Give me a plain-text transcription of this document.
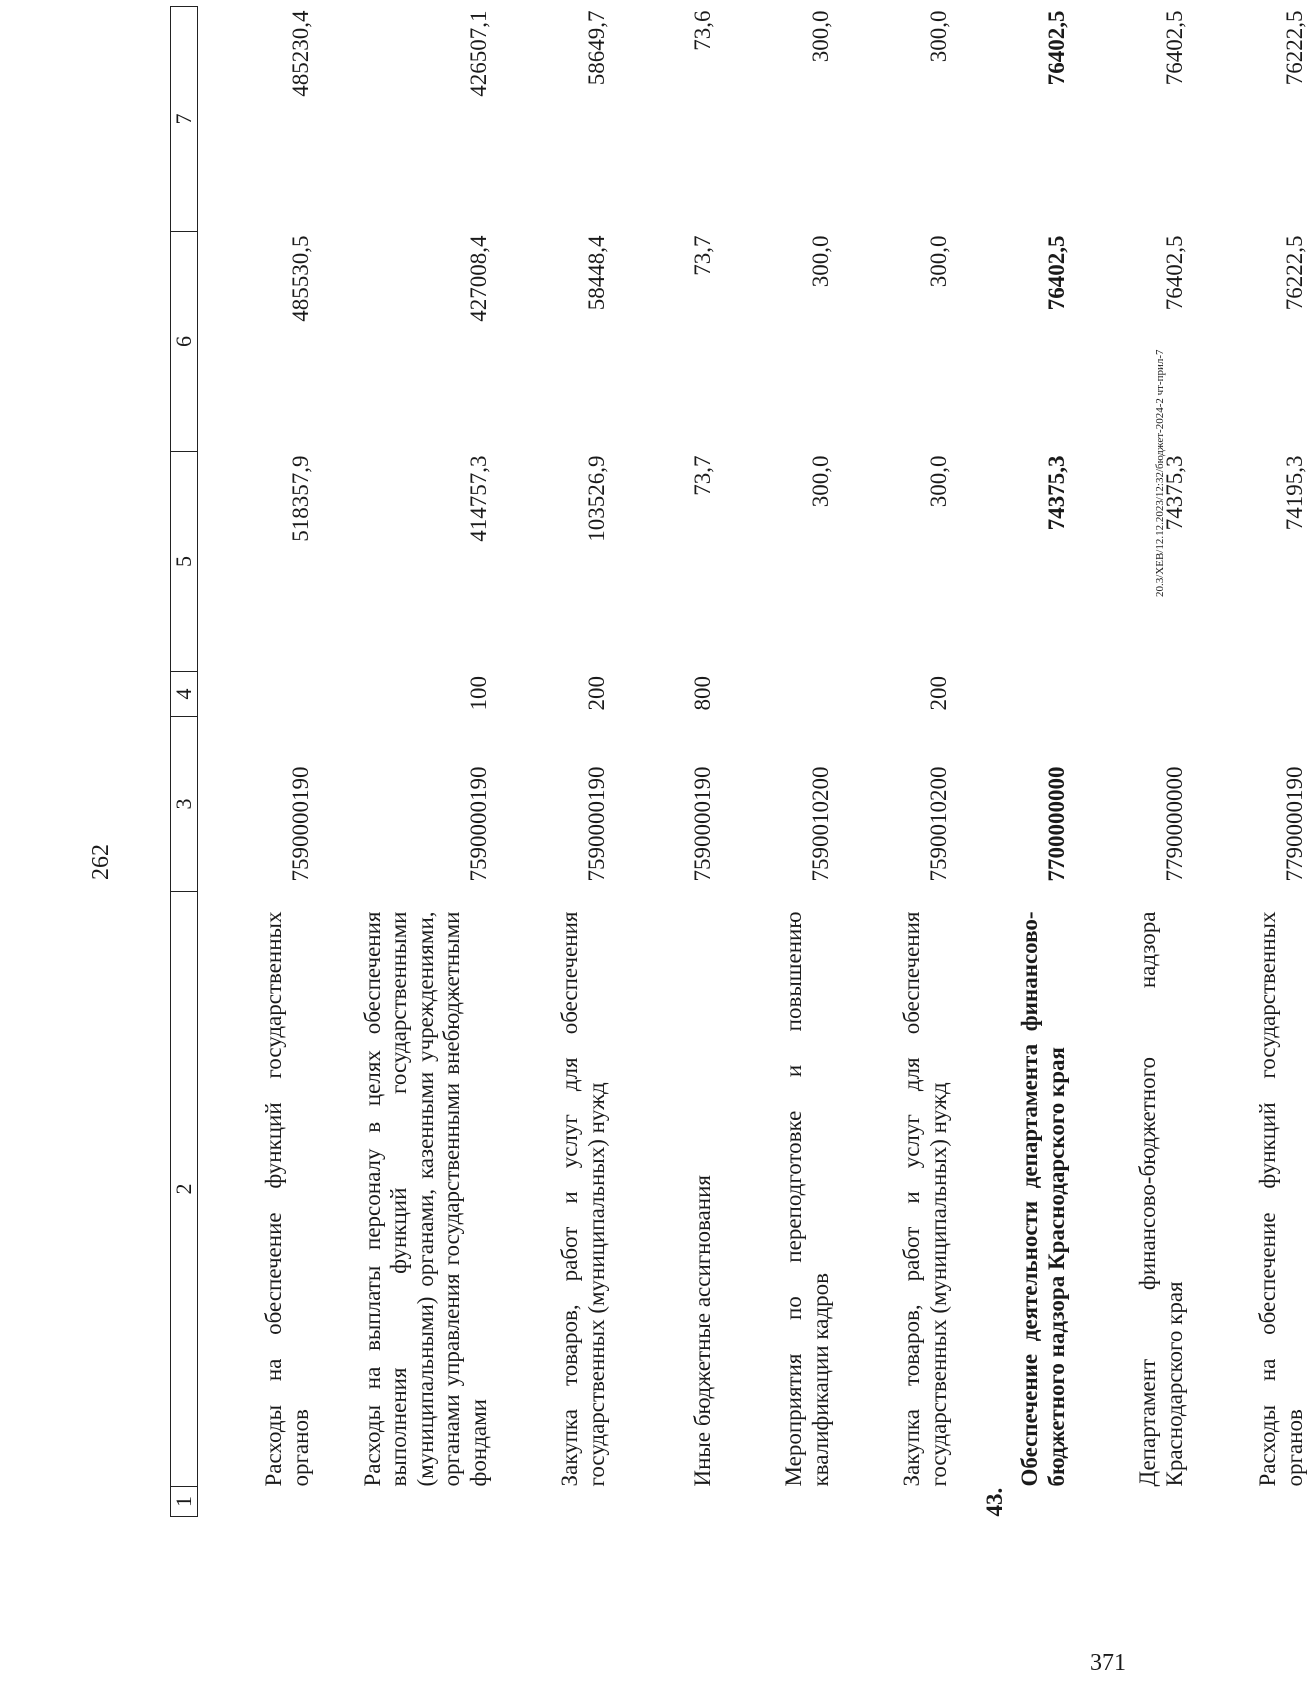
262
1	2	3	4	5	6	7
	Расходы на обеспечение функций государственных органов	7590000190		518357,9	485530,5	485230,4
	Расходы на выплаты персоналу в целях обеспечения выполнения функций государственными (муниципальными) органами, казенными учреждениями, органами управления государственными внебюджетными фондами	7590000190	100	414757,3	427008,4	426507,1
	Закупка товаров, работ и услуг для обеспечения государственных (муниципальных) нужд	7590000190	200	103526,9	58448,4	58649,7
	Иные бюджетные ассигнования	7590000190	800	73,7	73,7	73,6
	Мероприятия по переподготовке и повышению квалификации кадров	7590010200		300,0	300,0	300,0
	Закупка товаров, работ и услуг для обеспечения государственных (муниципальных) нужд	7590010200	200	300,0	300,0	300,0
43.	Обеспечение деятельности департамента финансово-бюджетного надзора Краснодарского края	7700000000		74375,3	76402,5	76402,5
	Департамент финансово-бюджетного надзора Краснодарского края	7790000000		74375,3	76402,5	76402,5
	Расходы на обеспечение функций государственных органов	7790000190		74195,3	76222,5	76222,5
20.3/ХЕВ/12.12.2023/12:32/бюджет-2024-2 чт-прил-7
371
